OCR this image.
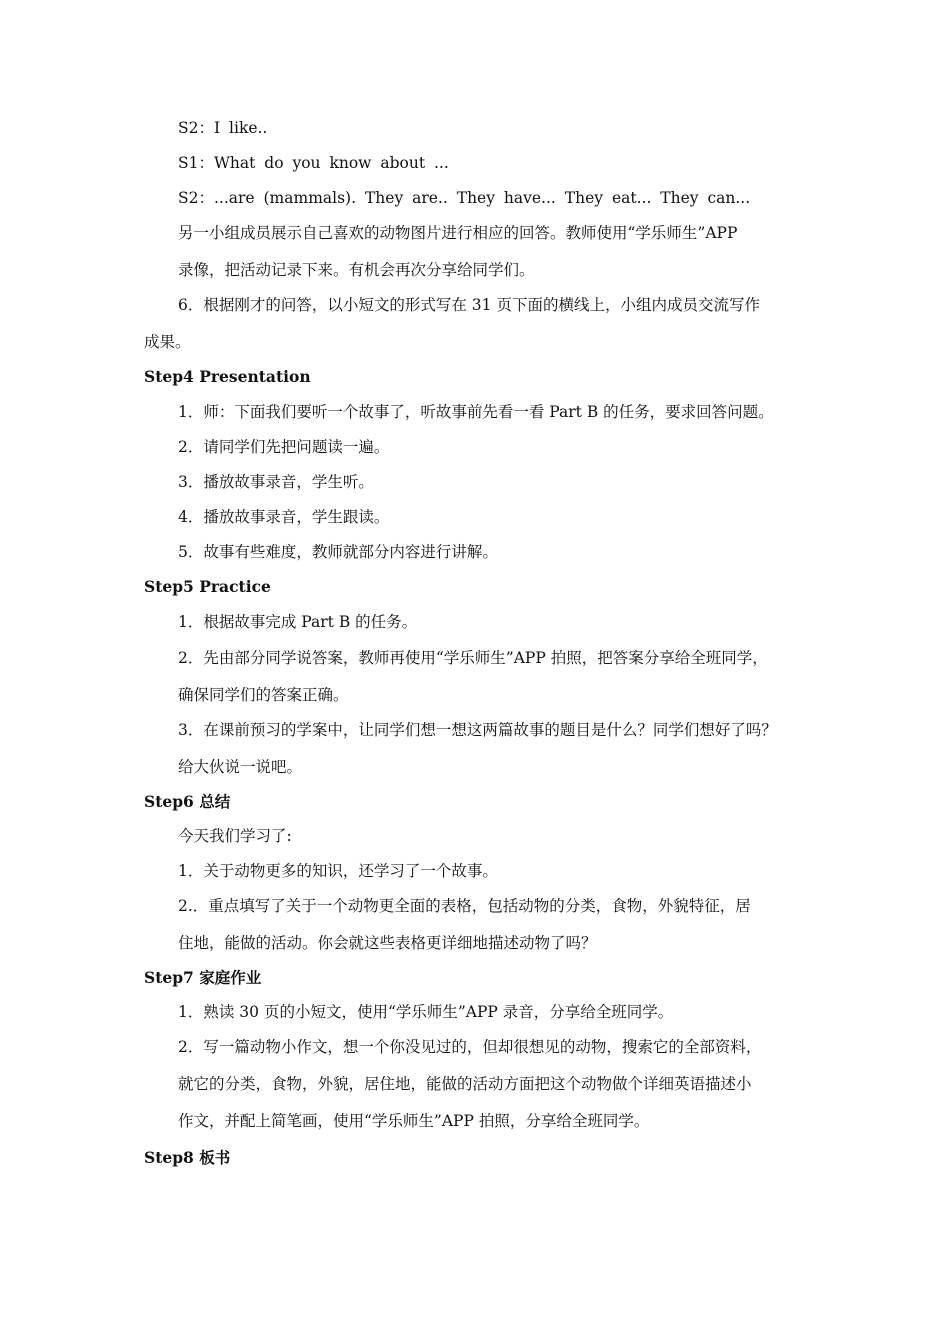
S2：I like..
S1：What do you know about ...
S2：...are (mammals). They are.. They have... They eat... They can...
另一小组成员展示自己喜欢的动物图片进行相应的回答。教师使用“学乐师生”APP
录像，把活动记录下来。有机会再次分享给同学们。
6．根据刚才的问答，以小短文的形式写在 31 页下面的横线上，小组内成员交流写作
成果。
Step4 Presentation
1．师：下面我们要听一个故事了，听故事前先看一看 Part B 的任务，要求回答问题。
2．请同学们先把问题读一遍。
3．播放故事录音，学生听。
4．播放故事录音，学生跟读。
5．故事有些难度，教师就部分内容进行讲解。
Step5 Practice
1．根据故事完成 Part B 的任务。
2．先由部分同学说答案，教师再使用“学乐师生”APP 拍照，把答案分享给全班同学，
确保同学们的答案正确。
3．在课前预习的学案中，让同学们想一想这两篇故事的题目是什么？同学们想好了吗？
给大伙说一说吧。
Step6 总结
今天我们学习了:
1．关于动物更多的知识，还学习了一个故事。
2.．重点填写了关于一个动物更全面的表格，包括动物的分类，食物，外貌特征，居
住地，能做的活动。你会就这些表格更详细地描述动物了吗？
Step7 家庭作业
1．熟读 30 页的小短文，使用“学乐师生”APP 录音，分享给全班同学。
2．写一篇动物小作文，想一个你没见过的，但却很想见的动物，搜索它的全部资料，
就它的分类，食物，外貌，居住地，能做的活动方面把这个动物做个详细英语描述小
作文，并配上简笔画，使用“学乐师生”APP 拍照，分享给全班同学。
Step8 板书
